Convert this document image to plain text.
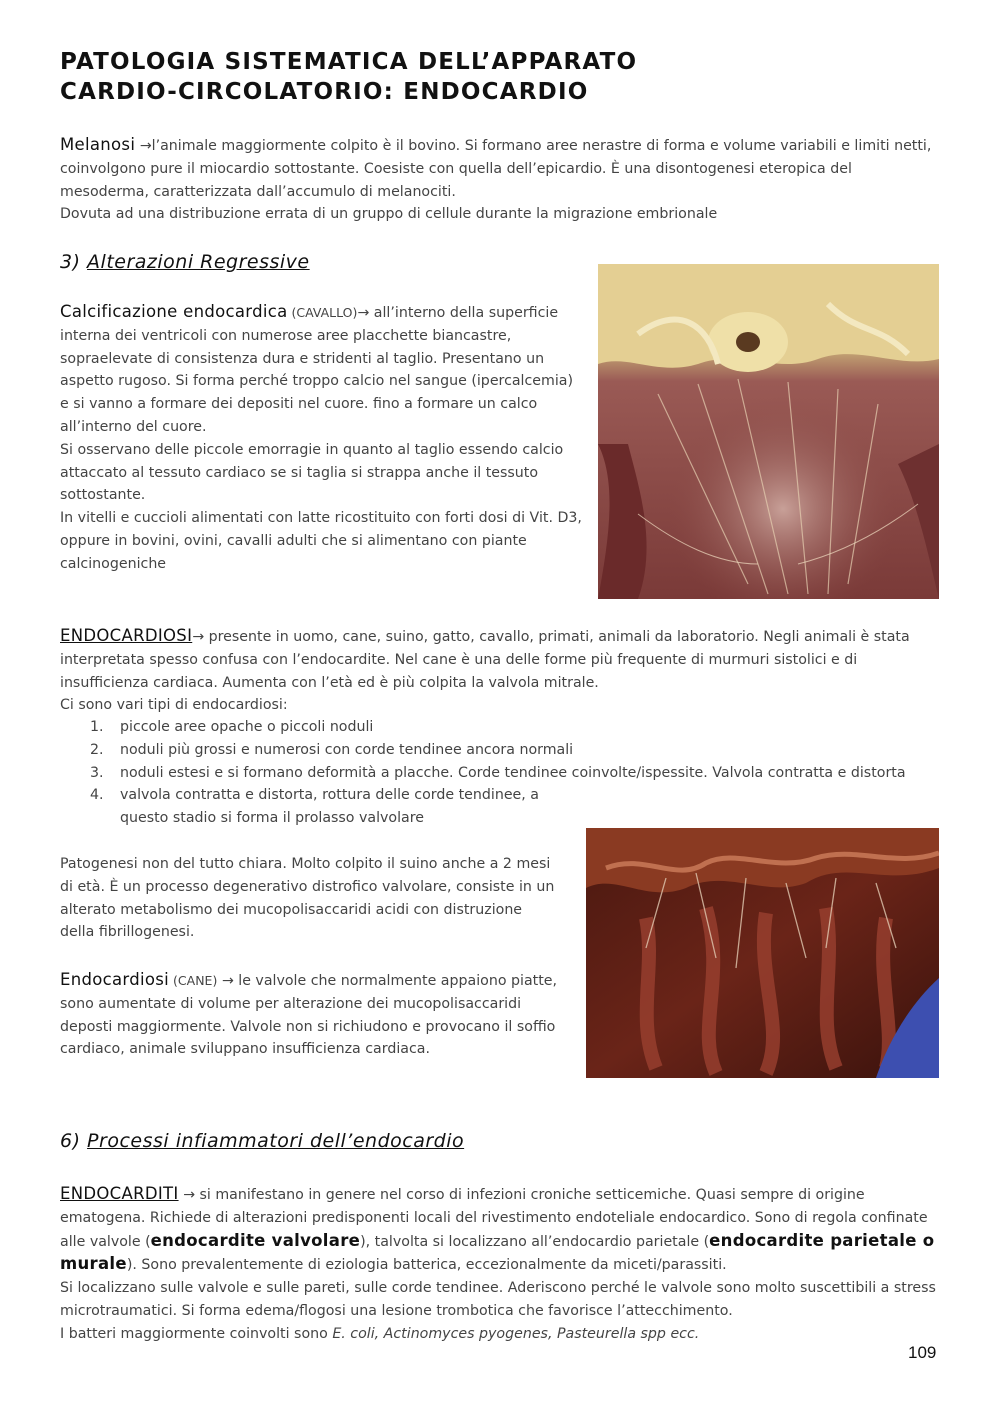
PATOLOGIA SISTEMATICA DELL’APPARATO
CARDIO-CIRCOLATORIO: ENDOCARDIO
Melanosi →l’animale maggiormente colpito è il bovino. Si formano aree nerastre di forma e volume variabili e limiti netti, coinvolgono pure il miocardio sottostante. Coesiste con quella dell’epicardio. È una disontogenesi eteropica del mesoderma, caratterizzata dall’accumulo di melanociti.
Dovuta ad una distribuzione errata di un gruppo di cellule durante la migrazione embrionale
3) Alterazioni Regressive
Calcificazione endocardica (CAVALLO)→ all’interno della superficie interna dei ventricoli con numerose aree placchette biancastre, sopraelevate di consistenza dura e stridenti al taglio. Presentano un aspetto rugoso. Si forma perché troppo calcio nel sangue (ipercalcemia) e si vanno a formare dei depositi nel cuore. fino a formare un calco all’interno del cuore.
Si osservano delle piccole emorragie in quanto al taglio essendo calcio attaccato al tessuto cardiaco se si taglia si strappa anche il tessuto sottostante.
In vitelli e cuccioli alimentati con latte ricostituito con forti dosi di Vit. D3, oppure in bovini, ovini, cavalli adulti che si alimentano con piante calcinogeniche
ENDOCARDIOSI→ presente in uomo, cane, suino, gatto, cavallo, primati, animali da laboratorio. Negli animali è stata interpretata spesso confusa con l’endocardite. Nel cane è una delle forme più frequente di murmuri sistolici e di insufficienza cardiaca. Aumenta con l’età ed è più colpita la valvola mitrale.
Ci sono vari tipi di endocardiosi:
1. piccole aree opache o piccoli noduli
2. noduli più grossi e numerosi con corde tendinee ancora normali
3. noduli estesi e si formano deformità a placche. Corde tendinee coinvolte/ispessite. Valvola contratta e distorta
4. valvola contratta e distorta, rottura delle corde tendinee, a questo stadio si forma il prolasso valvolare
Patogenesi non del tutto chiara. Molto colpito il suino anche a 2 mesi di età. È un processo degenerativo distrofico valvolare, consiste in un alterato metabolismo dei mucopolisaccaridi acidi con distruzione della fibrillogenesi.
Endocardiosi (CANE) → le valvole che normalmente appaiono piatte, sono aumentate di volume per alterazione dei mucopolisaccaridi deposti maggiormente. Valvole non si richiudono e provocano il soffio cardiaco, animale sviluppano insufficienza cardiaca.
6) Processi infiammatori dell’endocardio
ENDOCARDITI → si manifestano in genere nel corso di infezioni croniche setticemiche. Quasi sempre di origine ematogena. Richiede di alterazioni predisponenti locali del rivestimento endoteliale endocardico. Sono di regola confinate alle valvole (endocardite valvolare), talvolta si localizzano all’endocardio parietale (endocardite parietale o murale). Sono prevalentemente di eziologia batterica, eccezionalmente da miceti/parassiti.
Si localizzano sulle valvole e sulle pareti, sulle corde tendinee. Aderiscono perché le valvole sono molto suscettibili a stress microtraumatici. Si forma edema/flogosi una lesione trombotica che favorisce l’attecchimento.
I batteri maggiormente coinvolti sono E. coli, Actinomyces pyogenes, Pasteurella spp ecc.
109
